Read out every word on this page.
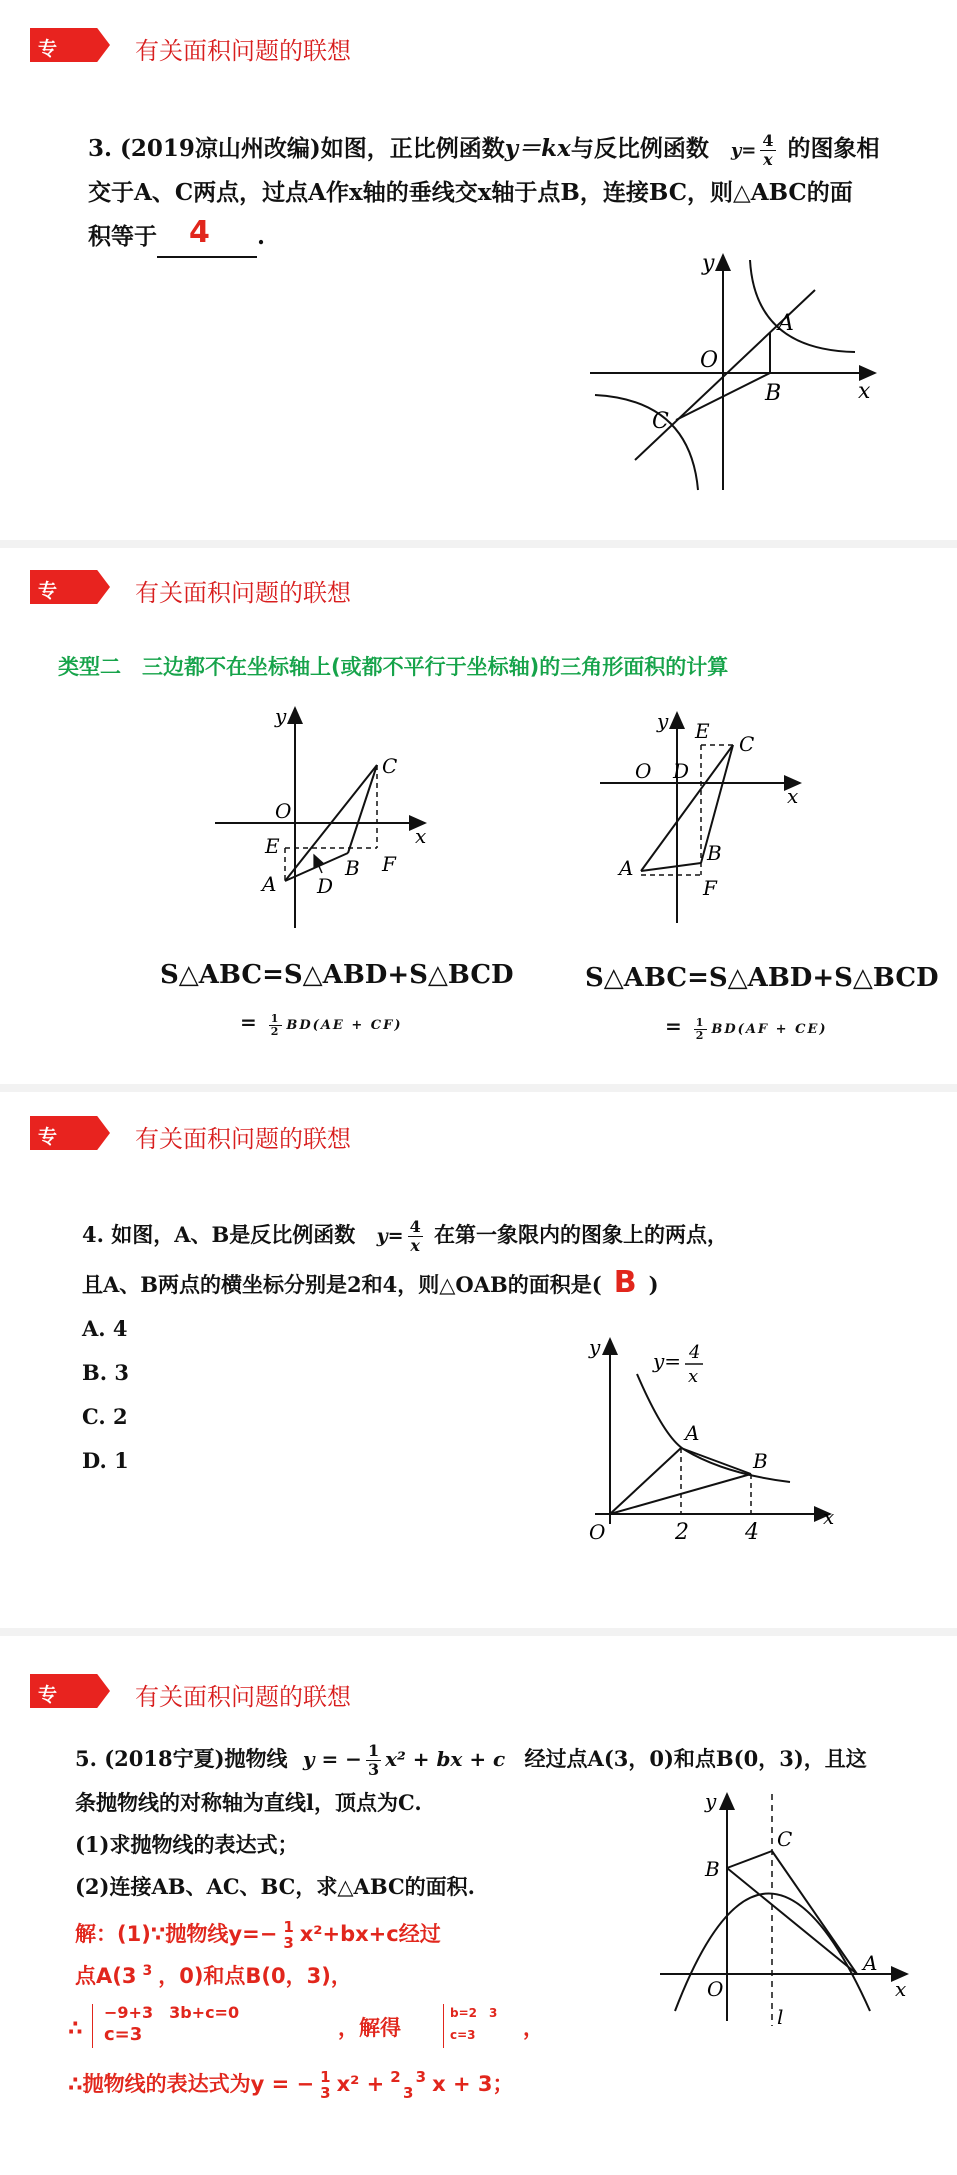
专题三
有关面积问题的联想
3. (2019凉山州改编)如图，正比例函数y＝kx与反比例函数 $y= \frac{4}{x}$ 的图象相
交于A、C两点，过点A作x轴的垂线交x轴于点B，连接BC，则△ABC的面
积等于 4 .
y
x
O
A
B
C
专题三
有关面积问题的联想
类型二　三边都不在坐标轴上(或都不平行于坐标轴)的三角形面积的计算
y
x
O
C
E
F
B
A D
y
x
O D
E
C
B
A
F
S△ABC=S△ABD+S△BCD
= $\frac{1}{2} BD(AE + CF)$
S△ABC=S△ABD+S△BCD
= $\frac{1}{2} BD(AF + CE)$
专题三
有关面积问题的联想
4. 如图，A、B是反比例函数 $y= \frac{4}{x}$ 在第一象限内的图象上的两点，
且A、B两点的横坐标分别是2和4，则△OAB的面积是( B )
A. 4
B. 3
C. 2
D. 1
y
x
O
A
B
2	4
y= 4
x
专题三
有关面积问题的联想
5. (2018宁夏)抛物线 y = − $\frac{1}{3} x^2$ + bx + c 经过点A(3，0)和点B(0，3)，且这
条抛物线的对称轴为直线l，顶点为C.
(1)求抛物线的表达式；
(2)连接AB、AC、BC，求△ABC的面积.
解：(1)∵抛物线y=− 1
3 x²+bx+c经过
点A(3 $^3$ ，0)和点B(0，3)，
∴
−9+3　3b+c=0
c=3	，解得
b=2　3
c=3 ，
∴抛物线的表达式为y = − 1
3 x² + 2　3
3 x + 3；
y
x
O
B
C
A
l
